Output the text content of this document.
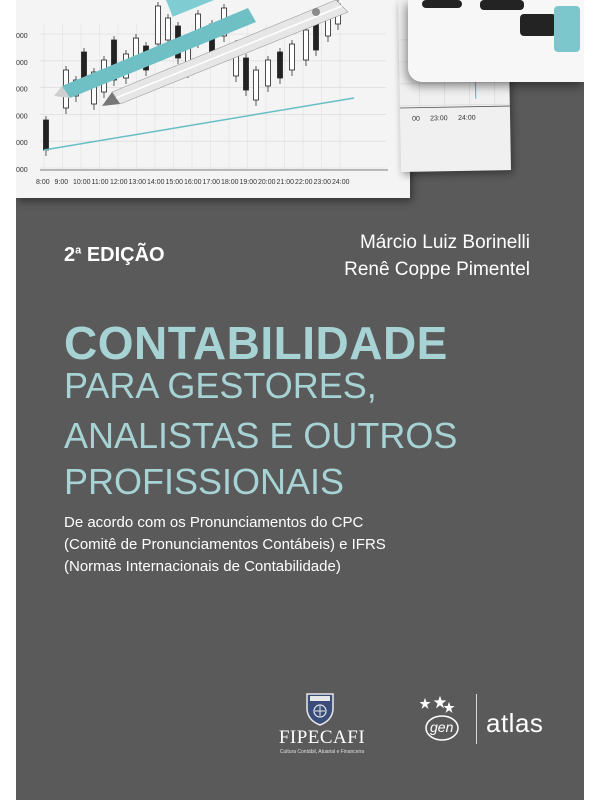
000
000
000
000
000
000
8:00 9:00 10:00 11:00 12:00 13:00 14:00 15:00 16:00 17:00 18:00 19:00 20:00 21:00 22:00 23:00 24:00
00 23:00 24:00
2$^a$ EDIÇÃO
Márcio Luiz Borinelli
Renê Coppe Pimentel
CONTABILIDADE
PARA GESTORES,
ANALISTAS E OUTROS
PROFISSIONAIS
De acordo com os Pronunciamentos do CPC
(Comitê de Pronunciamentos Contábeis) e IFRS
(Normas Internacionais de Contabilidade)
FIPECAFI
Cultura Contábil, Atuarial e Financeira
gen atlas
